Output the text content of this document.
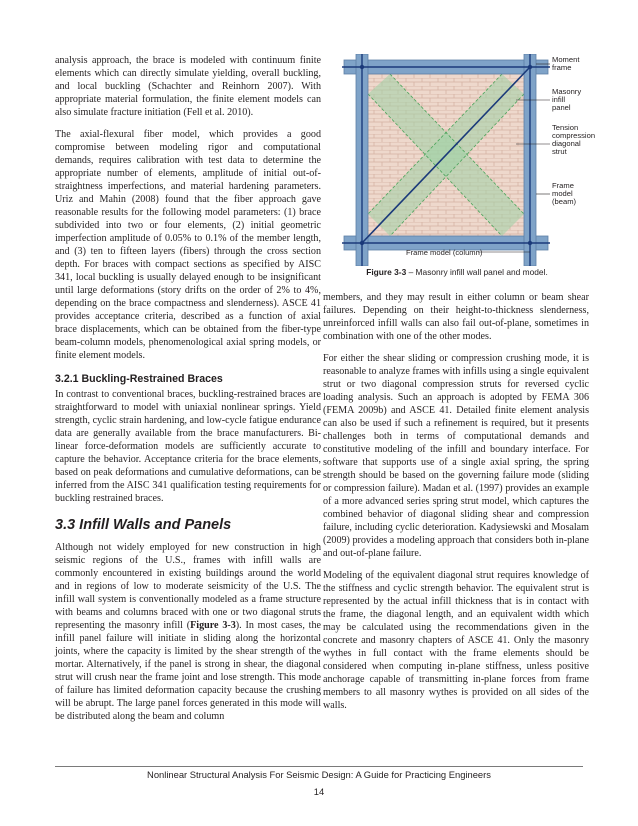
analysis approach, the brace is modeled with continuum finite elements which can directly simulate yielding, overall buckling, and local buckling (Schachter and Reinhorn 2007). With appropriate material formulation, the finite element models can also simulate fracture initiation (Fell et al. 2010).

The axial-flexural fiber model, which provides a good compromise between modeling rigor and computational demands, requires calibration with test data to determine the appropriate number of elements, amplitude of initial out-of-straightness imperfections, and material hardening parameters. Uriz and Mahin (2008) found that the fiber approach gave reasonable results for the following model parameters: (1) brace subdivided into two or four elements, (2) initial geometric imperfection amplitude of 0.05% to 0.1% of the member length, and (3) ten to fifteen layers (fibers) through the cross section depth. For braces with compact sections as specified by AISC 341, local buckling is usually delayed enough to be insignificant until large deformations (story drifts on the order of 2% to 4%, depending on the brace compactness and slenderness). ASCE 41 provides acceptance criteria, described as a function of axial brace displacements, which can be obtained from the fiber-type beam-column models, phenomenological axial spring models, or finite element models.

3.2.1 Buckling-Restrained Braces

In contrast to conventional braces, buckling-restrained braces are straightforward to model with uniaxial nonlinear springs. Yield strength, cyclic strain hardening, and low-cycle fatigue endurance data are generally available from the brace manufacturers. Bi-linear force-deformation models are sufficiently accurate to capture the behavior. Acceptance criteria for the brace elements, based on peak deformations and cumulative deformations, can be inferred from the AISC 341 qualification testing requirements for buckling restrained braces.

3.3 Infill Walls and Panels

Although not widely employed for new construction in high seismic regions of the U.S., frames with infill walls are commonly encountered in existing buildings around the world and in regions of low to moderate seismicity of the U.S. The infill wall system is conventionally modeled as a frame structure with beams and columns braced with one or two diagonal struts representing the masonry infill (Figure 3-3). In most cases, the infill panel failure will initiate in sliding along the horizontal joints, where the capacity is limited by the shear strength of the mortar. Alternatively, if the panel is strong in shear, the diagonal strut will crush near the frame joint and lose strength. This mode of failure has limited deformation capacity because the crushing will be abrupt. The large panel forces generated in this mode will be distributed along the beam and column

Moment frame
Masonry infill panel
Tension compression diagonal strut
Frame model (beam)
Frame model (column)
Figure 3-3 – Masonry infill wall panel and model.

members, and they may result in either column or beam shear failures. Depending on their height-to-thickness slenderness, unreinforced infill walls can also fail out-of-plane, sometimes in combination with one of the other modes.

For either the shear sliding or compression crushing mode, it is reasonable to analyze frames with infills using a single equivalent strut or two diagonal compression struts for reversed cyclic loading analysis. Such an approach is adopted by FEMA 306 (FEMA 2009b) and ASCE 41. Detailed finite element analysis can also be used if such a refinement is required, but it presents challenges both in terms of computational demands and constitutive modeling of the infill and boundary interface. For software that supports use of a single axial spring, the spring strength should be based on the governing failure mode (sliding or compression failure). Madan et al. (1997) provides an example of a more advanced series spring strut model, which captures the combined behavior of diagonal sliding shear and compression failure, including cyclic deterioration. Kadysiewski and Mosalam (2009) provides a modeling approach that considers both in-plane and out-of-plane failure.

Modeling of the equivalent diagonal strut requires knowledge of the stiffness and cyclic strength behavior. The equivalent strut is represented by the actual infill thickness that is in contact with the frame, the diagonal length, and an equivalent width which may be calculated using the recommendations given in the concrete and masonry chapters of ASCE 41. Only the masonry wythes in full contact with the frame elements should be considered when computing in-plane stiffness, unless positive anchorage capable of transmitting in-plane forces from frame members to all masonry wythes is provided on all sides of the walls.

Nonlinear Structural Analysis For Seismic Design: A Guide for Practicing Engineers
14
